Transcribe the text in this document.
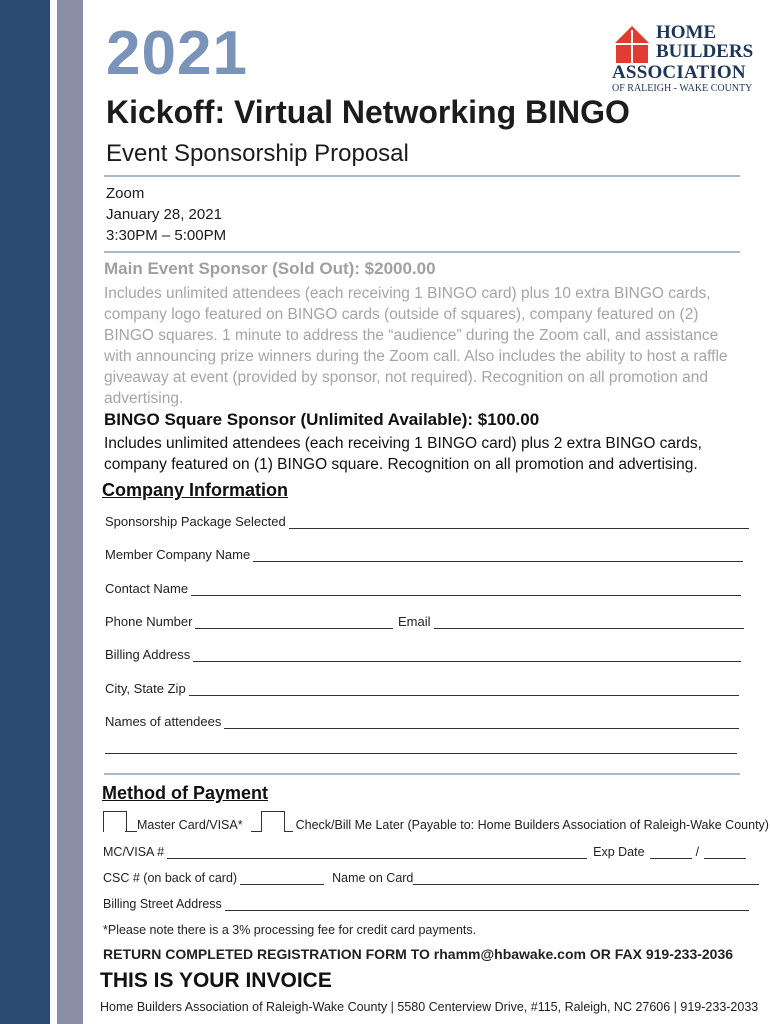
2021	HOME
BUILDERS
ASSOCIATION
OF RALEIGH - WAKE COUNTY
Kickoff: Virtual Networking BINGO
Event Sponsorship Proposal
Zoom
January 28, 2021
3:30PM – 5:00PM
Main Event Sponsor (Sold Out): $2000.00
Includes unlimited attendees (each receiving 1 BINGO card) plus 10 extra BINGO cards, company logo featured on BINGO cards (outside of squares), company featured on (2) BINGO squares. 1 minute to address the “audience” during the Zoom call, and assistance with announcing prize winners during the Zoom call. Also includes the ability to host a raffle giveaway at event (provided by sponsor, not required). Recognition on all promotion and advertising.
BINGO Square Sponsor (Unlimited Available): $100.00
Includes unlimited attendees (each receiving 1 BINGO card) plus 2 extra BINGO cards, company featured on (1) BINGO square. Recognition on all promotion and advertising.
Company Information
Sponsorship Package Selected
Member Company Name
Contact Name
Phone Number	Email
Billing Address
City, State Zip
Names of attendees
Method of Payment
Master Card/VISA*	Check/Bill Me Later (Payable to: Home Builders Association of Raleigh-Wake County)
MC/VISA #	Exp Date	/
CSC # (on back of card)	Name on Card
Billing Street Address
*Please note there is a 3% processing fee for credit card payments.
RETURN COMPLETED REGISTRATION FORM TO rhamm@hbawake.com OR FAX 919-233-2036
THIS IS YOUR INVOICE
Home Builders Association of Raleigh-Wake County | 5580 Centerview Drive, #115, Raleigh, NC 27606 | 919-233-2033
